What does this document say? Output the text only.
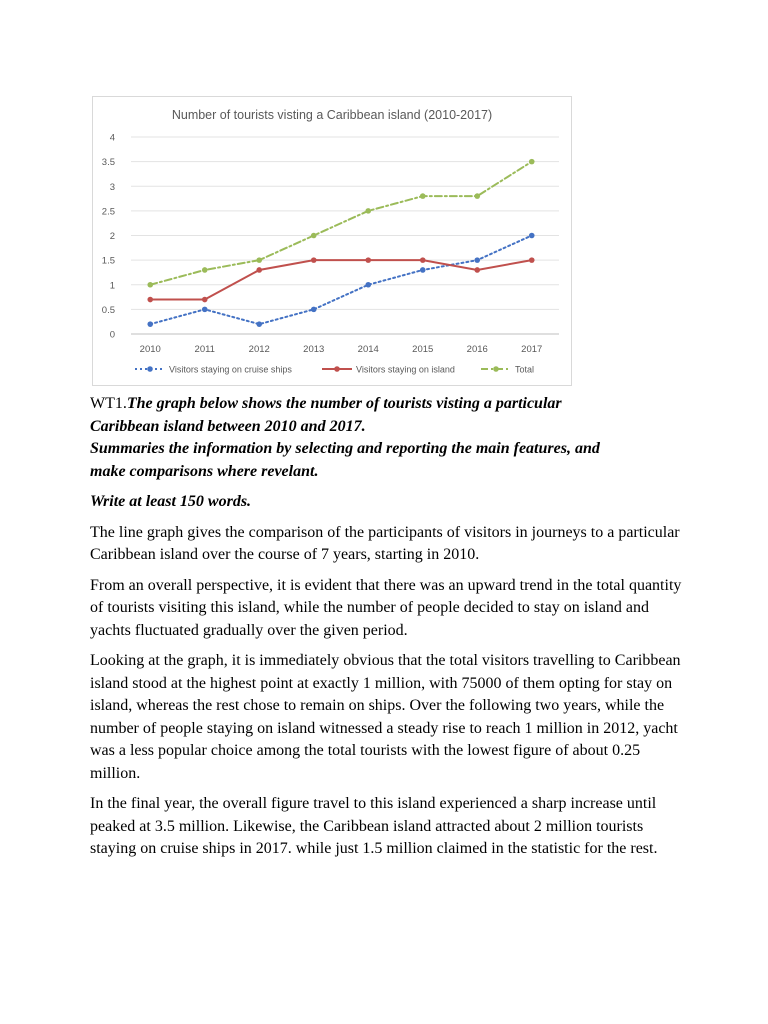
Number of tourists visting a Caribbean island (2010-2017)
0
0.5
1
1.5
2
2.5
3
3.5
4
2010	2011	2012	2013	2014	2015	2016	2017
Visitors staying on cruise ships	Visitors staying on island	Total

WT1.The graph below shows the number of tourists visting a particular
Caribbean island between 2010 and 2017.
Summaries the information by selecting and reporting the main features, and
make comparisons where revelant.

Write at least 150 words.

The line graph gives the comparison of the participants of visitors in journeys to a particular Caribbean island over the course of 7 years, starting in 2010.

From an overall perspective, it is evident that there was an upward trend in the total quantity of tourists visiting this island, while the number of people decided to stay on island and yachts fluctuated gradually over the given period.

Looking at the graph, it is immediately obvious that the total visitors travelling to Caribbean island stood at the highest point at exactly 1 million, with 75000 of them opting for stay on island, whereas the rest chose to remain on ships. Over the following two years, while the number of people staying on island witnessed a steady rise to reach 1 million in 2012, yacht was a less popular choice among the total tourists with the lowest figure of about 0.25 million.

In the final year, the overall figure travel to this island experienced a sharp increase until peaked at 3.5 million. Likewise, the Caribbean island attracted about 2 million tourists staying on cruise ships in 2017. while just 1.5 million claimed in the statistic for the rest.
